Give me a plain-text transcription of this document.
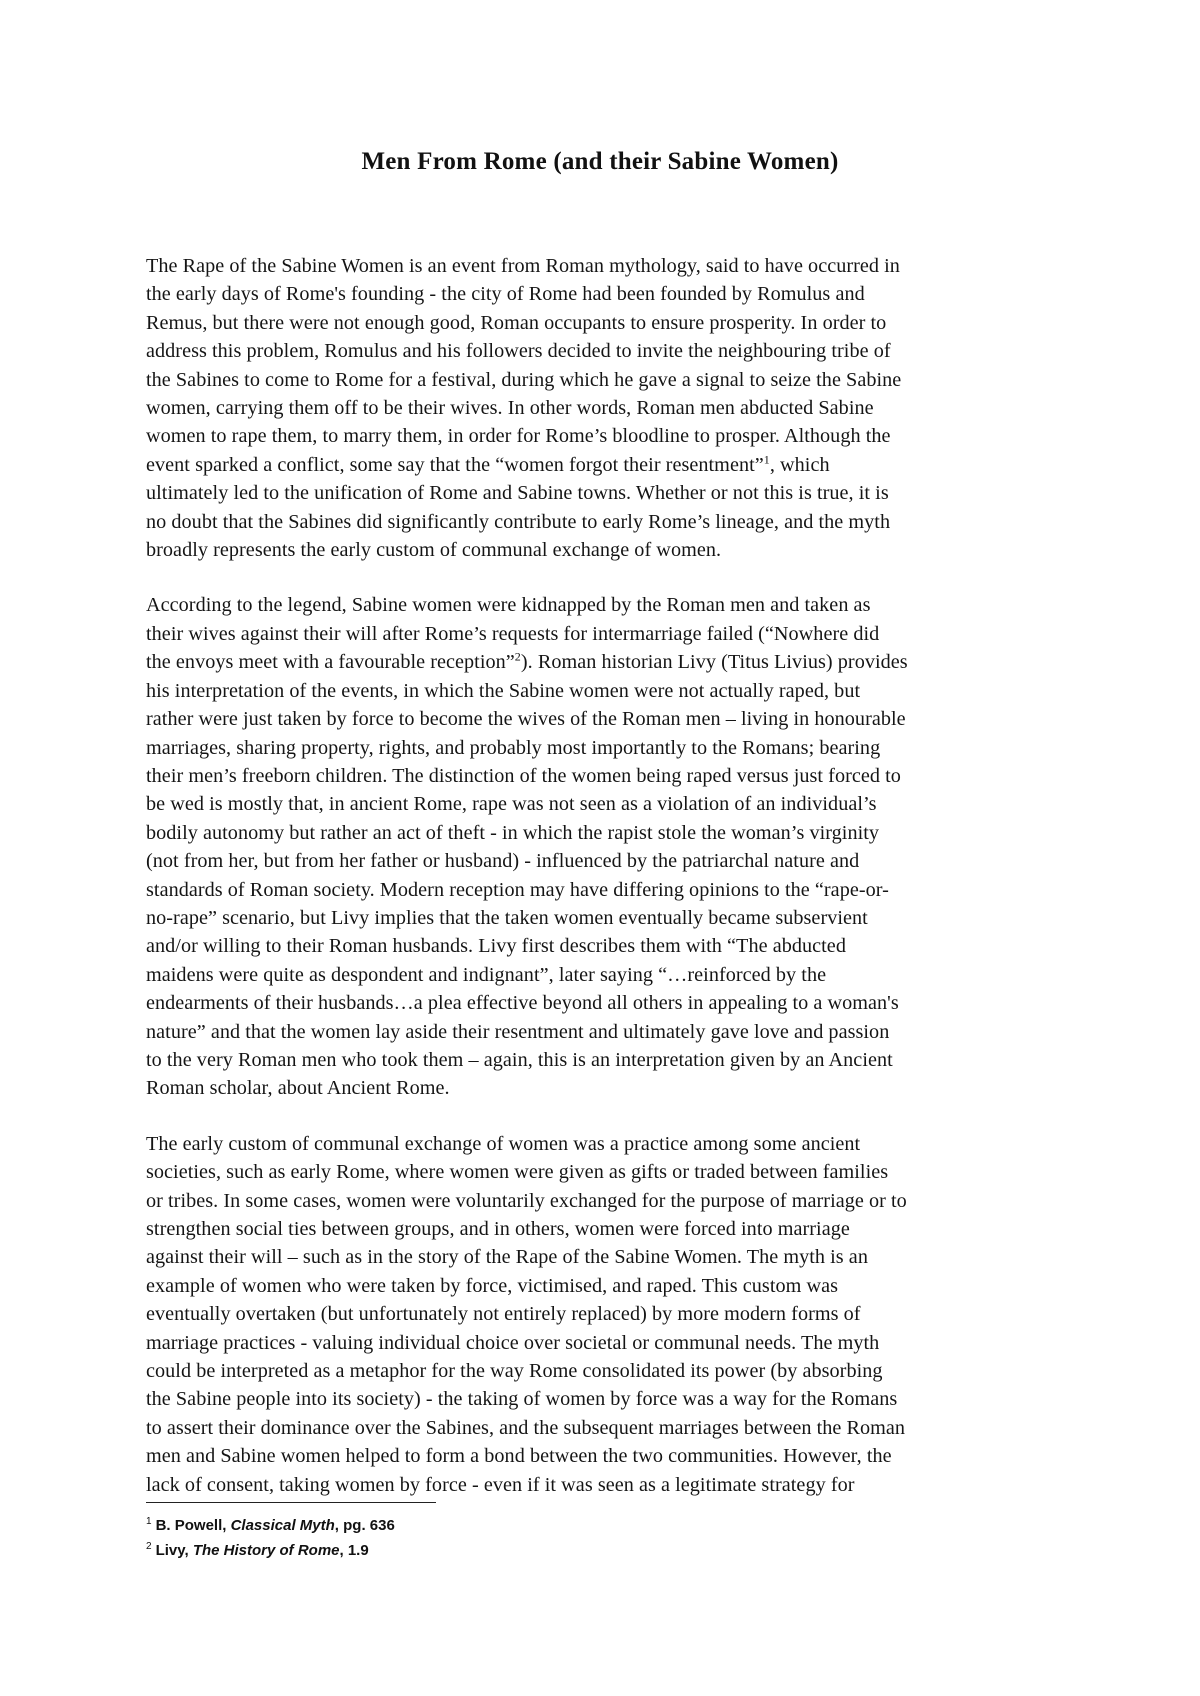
Men From Rome (and their Sabine Women)

The Rape of the Sabine Women is an event from Roman mythology, said to have occurred in
the early days of Rome's founding - the city of Rome had been founded by Romulus and
Remus, but there were not enough good, Roman occupants to ensure prosperity. In order to
address this problem, Romulus and his followers decided to invite the neighbouring tribe of
the Sabines to come to Rome for a festival, during which he gave a signal to seize the Sabine
women, carrying them off to be their wives. In other words, Roman men abducted Sabine
women to rape them, to marry them, in order for Rome’s bloodline to prosper. Although the
event sparked a conflict, some say that the “women forgot their resentment”$^1$, which
ultimately led to the unification of Rome and Sabine towns. Whether or not this is true, it is
no doubt that the Sabines did significantly contribute to early Rome’s lineage, and the myth
broadly represents the early custom of communal exchange of women.

According to the legend, Sabine women were kidnapped by the Roman men and taken as
their wives against their will after Rome’s requests for intermarriage failed (“Nowhere did
the envoys meet with a favourable reception”$^2$). Roman historian Livy (Titus Livius) provides
his interpretation of the events, in which the Sabine women were not actually raped, but
rather were just taken by force to become the wives of the Roman men – living in honourable
marriages, sharing property, rights, and probably most importantly to the Romans; bearing
their men’s freeborn children. The distinction of the women being raped versus just forced to
be wed is mostly that, in ancient Rome, rape was not seen as a violation of an individual’s
bodily autonomy but rather an act of theft - in which the rapist stole the woman’s virginity
(not from her, but from her father or husband) - influenced by the patriarchal nature and
standards of Roman society. Modern reception may have differing opinions to the “rape-or-
no-rape” scenario, but Livy implies that the taken women eventually became subservient
and/or willing to their Roman husbands. Livy first describes them with “The abducted
maidens were quite as despondent and indignant”, later saying “…reinforced by the
endearments of their husbands…a plea effective beyond all others in appealing to a woman's
nature” and that the women lay aside their resentment and ultimately gave love and passion
to the very Roman men who took them – again, this is an interpretation given by an Ancient
Roman scholar, about Ancient Rome.

The early custom of communal exchange of women was a practice among some ancient
societies, such as early Rome, where women were given as gifts or traded between families
or tribes. In some cases, women were voluntarily exchanged for the purpose of marriage or to
strengthen social ties between groups, and in others, women were forced into marriage
against their will – such as in the story of the Rape of the Sabine Women. The myth is an
example of women who were taken by force, victimised, and raped. This custom was
eventually overtaken (but unfortunately not entirely replaced) by more modern forms of
marriage practices - valuing individual choice over societal or communal needs. The myth
could be interpreted as a metaphor for the way Rome consolidated its power (by absorbing
the Sabine people into its society) - the taking of women by force was a way for the Romans
to assert their dominance over the Sabines, and the subsequent marriages between the Roman
men and Sabine women helped to form a bond between the two communities. However, the
lack of consent, taking women by force - even if it was seen as a legitimate strategy for

$^1$ B. Powell, Classical Myth, pg. 636
$^2$ Livy, The History of Rome, 1.9
